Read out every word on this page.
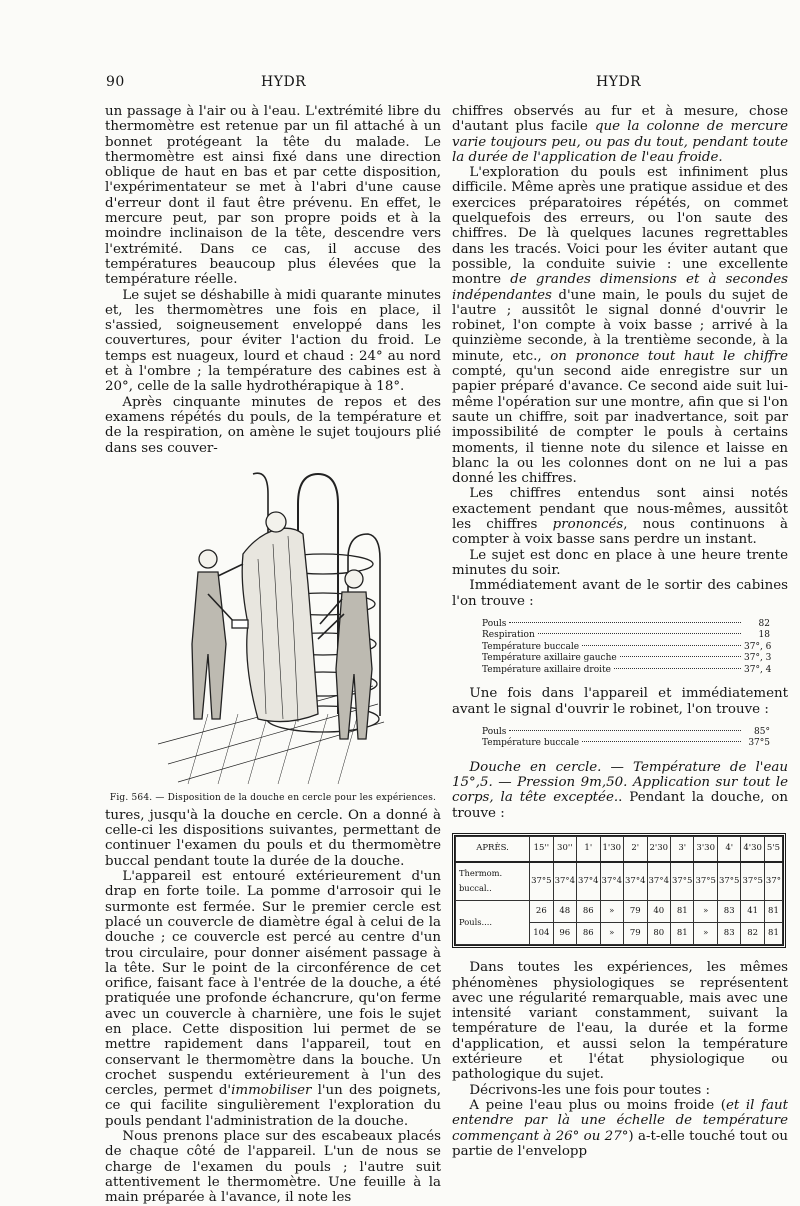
90	HYDR	HYDR

un passage à l'air ou à l'eau. L'extrémité libre du thermomètre est retenue par un fil attaché à un bonnet protégeant la tête du malade. Le thermomètre est ainsi fixé dans une direction oblique de haut en bas et par cette disposition, l'expérimentateur se met à l'abri d'une cause d'erreur dont il faut être prévenu. En effet, le mercure peut, par son propre poids et à la moindre inclinaison de la tête, descendre vers l'extrémité. Dans ce cas, il accuse des températures beaucoup plus élevées que la température réelle.

Le sujet se déshabille à midi quarante minutes et, les thermomètres une fois en place, il s'assied, soigneusement enveloppé dans les couvertures, pour éviter l'action du froid. Le temps est nuageux, lourd et chaud : 24° au nord et à l'ombre ; la température des cabines est à 20°, celle de la salle hydrothérapique à 18°.

Après cinquante minutes de repos et des examens répétés du pouls, de la température et de la respiration, on amène le sujet toujours plié dans ses couver-

Fig. 564. — Disposition de la douche en cercle pour les expériences.

tures, jusqu'à la douche en cercle. On a donné à celle-ci les dispositions suivantes, permettant de continuer l'examen du pouls et du thermomètre buccal pendant toute la durée de la douche.

L'appareil est entouré extérieurement d'un drap en forte toile. La pomme d'arrosoir qui le surmonte est fermée. Sur le premier cercle est placé un couvercle de diamètre égal à celui de la douche ; ce couvercle est percé au centre d'un trou circulaire, pour donner aisément passage à la tête. Sur le point de la circonférence de cet orifice, faisant face à l'entrée de la douche, a été pratiquée une profonde échancrure, qu'on ferme avec un couvercle à charnière, une fois le sujet en place. Cette disposition lui permet de se mettre rapidement dans l'appareil, tout en conservant le thermomètre dans la bouche. Un crochet suspendu extérieurement à l'un des cercles, permet d'immobiliser l'un des poignets, ce qui facilite singulièrement l'exploration du pouls pendant l'administration de la douche.

Nous prenons place sur des escabeaux placés de chaque côté de l'appareil. L'un de nous se charge de l'examen du pouls ; l'autre suit attentivement le thermomètre. Une feuille à la main préparée à l'avance, il note les

chiffres observés au fur et à mesure, chose d'autant plus facile que la colonne de mercure varie toujours peu, ou pas du tout, pendant toute la durée de l'application de l'eau froide.

L'exploration du pouls est infiniment plus difficile. Même après une pratique assidue et des exercices préparatoires répétés, on commet quelquefois des erreurs, ou l'on saute des chiffres. De là quelques lacunes regrettables dans les tracés. Voici pour les éviter autant que possible, la conduite suivie : une excellente montre de grandes dimensions et à secondes indépendantes d'une main, le pouls du sujet de l'autre ; aussitôt le signal donné d'ouvrir le robinet, l'on compte à voix basse ; arrivé à la quinzième seconde, à la trentième seconde, à la minute, etc., on prononce tout haut le chiffre compté, qu'un second aide enregistre sur un papier préparé d'avance. Ce second aide suit lui-même l'opération sur une montre, afin que si l'on saute un chiffre, soit par inadvertance, soit par impossibilité de compter le pouls à certains moments, il tienne note du silence et laisse en blanc la ou les colonnes dont on ne lui a pas donné les chiffres.

Les chiffres entendus sont ainsi notés exactement pendant que nous-mêmes, aussitôt les chiffres prononcés, nous continuons à compter à voix basse sans perdre un instant.

Le sujet est donc en place à une heure trente minutes du soir.

Immédiatement avant de le sortir des cabines l'on trouve :

Pouls	82
Respiration	18
Température buccale	37°, 6
Température axillaire gauche	37°, 3
Température axillaire droite	37°, 4

Une fois dans l'appareil et immédiatement avant le signal d'ouvrir le robinet, l'on trouve :

Pouls	85°
Température buccale	37°5

Douche en cercle. — Température de l'eau 15°,5. — Pression 9m,50. Application sur tout le corps, la tête exceptée.. Pendant la douche, on trouve :

APRÈS.	15''	30''	1'	1'30	2'	2'30	3'	3'30	4'	4'30	5'5
Thermom. buccal..	37°5	37°4	37°4	37°4	37°4	37°4	37°5	37°5	37°5	37°5	37°
Pouls....	26	48	86	»	79	40	81	»	83	41	81
	104	96	86	»	79	80	81	»	83	82	81

Dans toutes les expériences, les mêmes phénomènes physiologiques se représentent avec une régularité remarquable, mais avec une intensité variant constamment, suivant la température de l'eau, la durée et la forme d'application, et aussi selon la température extérieure et l'état physiologique ou pathologique du sujet.

Décrivons-les une fois pour toutes :

A peine l'eau plus ou moins froide (et il faut entendre par là une échelle de température commençant à 26° ou 27°) a-t-elle touché tout ou partie de l'envelopp
